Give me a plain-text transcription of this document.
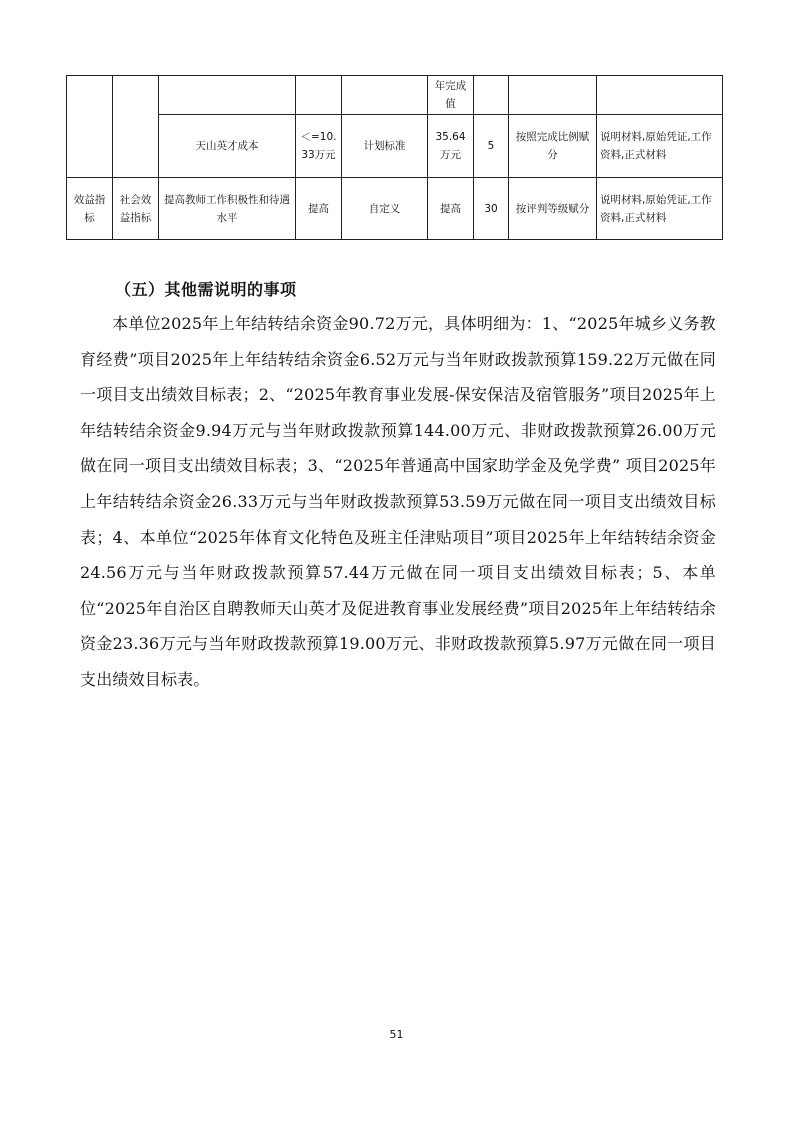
					年完成值			
		天山英才成本	＜=10.33万元	计划标准	35.64万元	5	按照完成比例赋分	说明材料,原始凭证,工作资料,正式材料
效益指标	社会效益指标	提高教师工作积极性和待遇水平	提高	自定义	提高	30	按评判等级赋分	说明材料,原始凭证,工作资料,正式材料
（五）其他需说明的事项

本单位2025年上年结转结余资金90.72万元，具体明细为：1、“2025年城乡义务教育经费”项目2025年上年结转结余资金6.52万元与当年财政拨款预算159.22万元做在同一项目支出绩效目标表；2、“2025年教育事业发展-保安保洁及宿管服务”项目2025年上年结转结余资金9.94万元与当年财政拨款预算144.00万元、非财政拨款预算26.00万元做在同一项目支出绩效目标表；3、“2025年普通高中国家助学金及免学费” 项目2025年上年结转结余资金26.33万元与当年财政拨款预算53.59万元做在同一项目支出绩效目标表；4、本单位“2025年体育文化特色及班主任津贴项目”项目2025年上年结转结余资金24.56万元与当年财政拨款预算57.44万元做在同一项目支出绩效目标表；5、本单位“2025年自治区自聘教师天山英才及促进教育事业发展经费”项目2025年上年结转结余资金23.36万元与当年财政拨款预算19.00万元、非财政拨款预算5.97万元做在同一项目支出绩效目标表。

51
